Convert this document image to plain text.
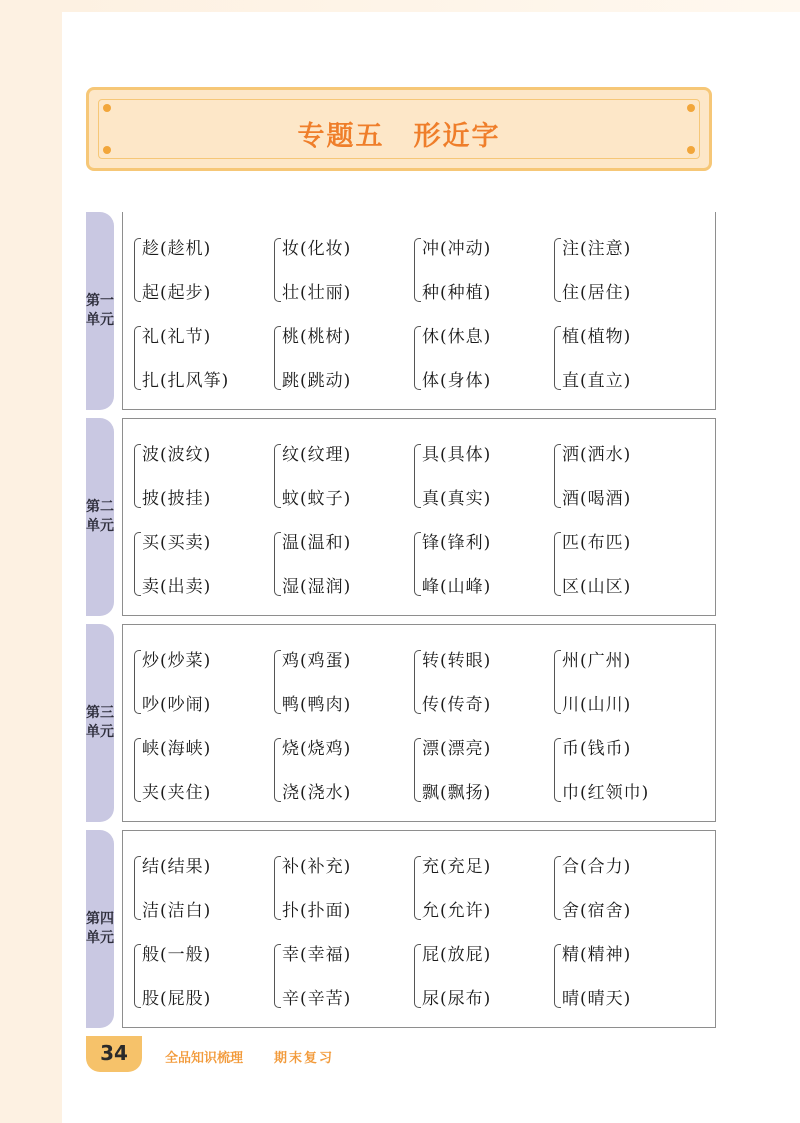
专题五　形近字
第一单元
第二单元
第三单元
第四单元
趁(趁机)
起(起步)
妆(化妆)
壮(壮丽)
冲(冲动)
种(种植)
注(注意)
住(居住)
礼(礼节)
扎(扎风筝)
桃(桃树)
跳(跳动)
休(休息)
体(身体)
植(植物)
直(直立)
波(波纹)
披(披挂)
纹(纹理)
蚊(蚊子)
具(具体)
真(真实)
洒(洒水)
酒(喝酒)
买(买卖)
卖(出卖)
温(温和)
湿(湿润)
锋(锋利)
峰(山峰)
匹(布匹)
区(山区)
炒(炒菜)
吵(吵闹)
鸡(鸡蛋)
鸭(鸭肉)
转(转眼)
传(传奇)
州(广州)
川(山川)
峡(海峡)
夹(夹住)
烧(烧鸡)
浇(浇水)
漂(漂亮)
飘(飘扬)
币(钱币)
巾(红领巾)
结(结果)
洁(洁白)
补(补充)
扑(扑面)
充(充足)
允(允许)
合(合力)
舍(宿舍)
般(一般)
股(屁股)
幸(幸福)
辛(辛苦)
屁(放屁)
尿(尿布)
精(精神)
晴(晴天)
34	全品知识梳理 期末复习
